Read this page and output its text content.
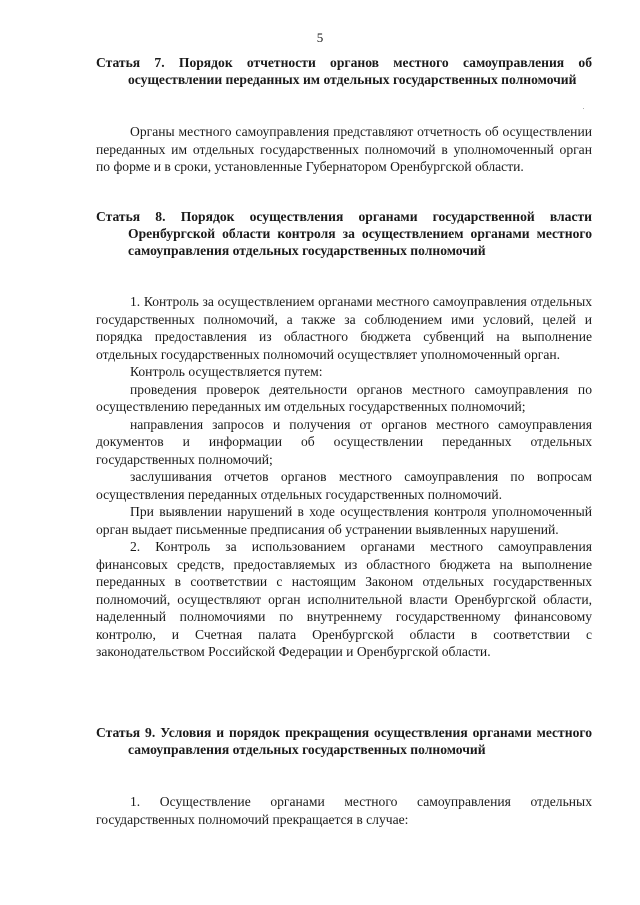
5
Статья 7. Порядок отчетности органов местного самоуправления об осуществлении переданных им отдельных государственных полномочий

Органы местного самоуправления представляют отчетность об осуществлении переданных им отдельных государственных полномочий в уполномоченный орган по форме и в сроки, установленные Губернатором Оренбургской области.

Статья 8. Порядок осуществления органами государственной власти Оренбургской области контроля за осуществлением органами местного самоуправления отдельных государственных полномочий

1. Контроль за осуществлением органами местного самоуправления отдельных государственных полномочий, а также за соблюдением ими условий, целей и порядка предоставления из областного бюджета субвенций на выполнение отдельных государственных полномочий осуществляет уполномоченный орган.

Контроль осуществляется путем:

проведения проверок деятельности органов местного самоуправления по осуществлению переданных им отдельных государственных полномочий;

направления запросов и получения от органов местного самоуправления документов и информации об осуществлении переданных отдельных государственных полномочий;

заслушивания отчетов органов местного самоуправления по вопросам осуществления переданных отдельных государственных полномочий.

При выявлении нарушений в ходе осуществления контроля уполномоченный орган выдает письменные предписания об устранении выявленных нарушений.

2. Контроль за использованием органами местного самоуправления финансовых средств, предоставляемых из областного бюджета на выполнение переданных в соответствии с настоящим Законом отдельных государственных полномочий, осуществляют орган исполнительной власти Оренбургской области, наделенный полномочиями по внутреннему государственному финансовому контролю, и Счетная палата Оренбургской области в соответствии с законодательством Российской Федерации и Оренбургской области.

Статья 9. Условия и порядок прекращения осуществления органами местного самоуправления отдельных государственных полномочий

1. Осуществление органами местного самоуправления отдельных государственных полномочий прекращается в случае:
